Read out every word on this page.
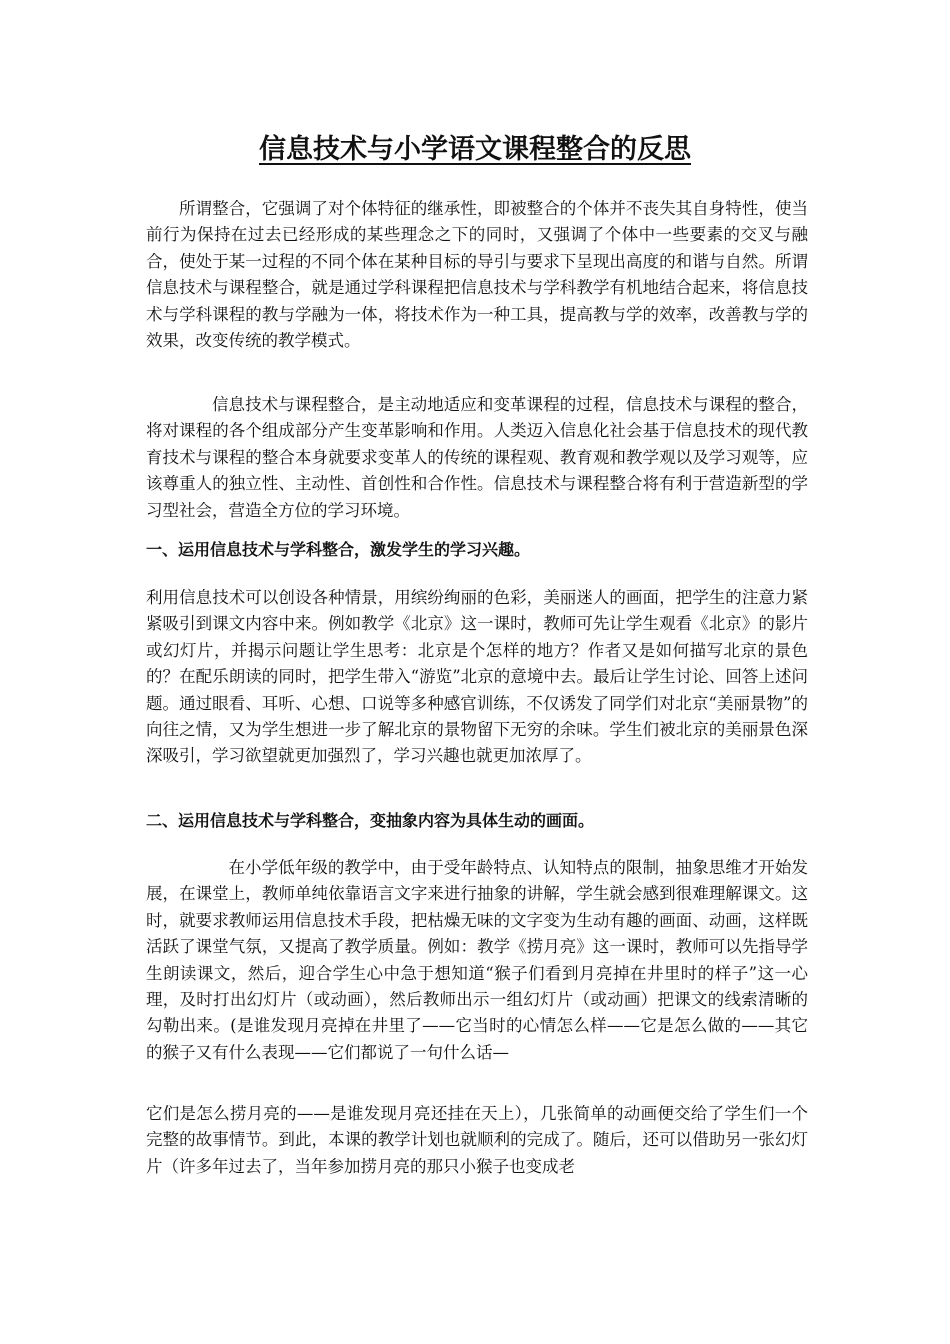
信息技术与小学语文课程整合的反思

所谓整合，它强调了对个体特征的继承性，即被整合的个体并不丧失其自身特性，使当前行为保持在过去已经形成的某些理念之下的同时，又强调了个体中一些要素的交叉与融合，使处于某一过程的不同个体在某种目标的导引与要求下呈现出高度的和谐与自然。所谓信息技术与课程整合，就是通过学科课程把信息技术与学科教学有机地结合起来，将信息技术与学科课程的教与学融为一体，将技术作为一种工具，提高教与学的效率，改善教与学的效果，改变传统的教学模式。

信息技术与课程整合，是主动地适应和变革课程的过程，信息技术与课程的整合，将对课程的各个组成部分产生变革影响和作用。人类迈入信息化社会基于信息技术的现代教育技术与课程的整合本身就要求变革人的传统的课程观、教育观和教学观以及学习观等，应该尊重人的独立性、主动性、首创性和合作性。信息技术与课程整合将有利于营造新型的学习型社会，营造全方位的学习环境。

一、运用信息技术与学科整合，激发学生的学习兴趣。

利用信息技术可以创设各种情景，用缤纷绚丽的色彩，美丽迷人的画面，把学生的注意力紧紧吸引到课文内容中来。例如教学《北京》这一课时，教师可先让学生观看《北京》的影片或幻灯片，并揭示问题让学生思考：北京是个怎样的地方？作者又是如何描写北京的景色的？在配乐朗读的同时，把学生带入“游览”北京的意境中去。最后让学生讨论、回答上述问题。通过眼看、耳听、心想、口说等多种感官训练，不仅诱发了同学们对北京“美丽景物”的向往之情，又为学生想进一步了解北京的景物留下无穷的余味。学生们被北京的美丽景色深深吸引，学习欲望就更加强烈了，学习兴趣也就更加浓厚了。

二、运用信息技术与学科整合，变抽象内容为具体生动的画面。

在小学低年级的教学中，由于受年龄特点、认知特点的限制，抽象思维才开始发展，在课堂上，教师单纯依靠语言文字来进行抽象的讲解，学生就会感到很难理解课文。这时，就要求教师运用信息技术手段，把枯燥无味的文字变为生动有趣的画面、动画，这样既活跃了课堂气氛，又提高了教学质量。例如：教学《捞月亮》这一课时，教师可以先指导学生朗读课文，然后，迎合学生心中急于想知道“猴子们看到月亮掉在井里时的样子”这一心理，及时打出幻灯片（或动画），然后教师出示一组幻灯片（或动画）把课文的线索清晰的勾勒出来。(是谁发现月亮掉在井里了——它当时的心情怎么样——它是怎么做的——其它的猴子又有什么表现——它们都说了一句什么话—

它们是怎么捞月亮的——是谁发现月亮还挂在天上），几张简单的动画便交给了学生们一个完整的故事情节。到此，本课的教学计划也就顺利的完成了。随后，还可以借助另一张幻灯片（许多年过去了，当年参加捞月亮的那只小猴子也变成老
